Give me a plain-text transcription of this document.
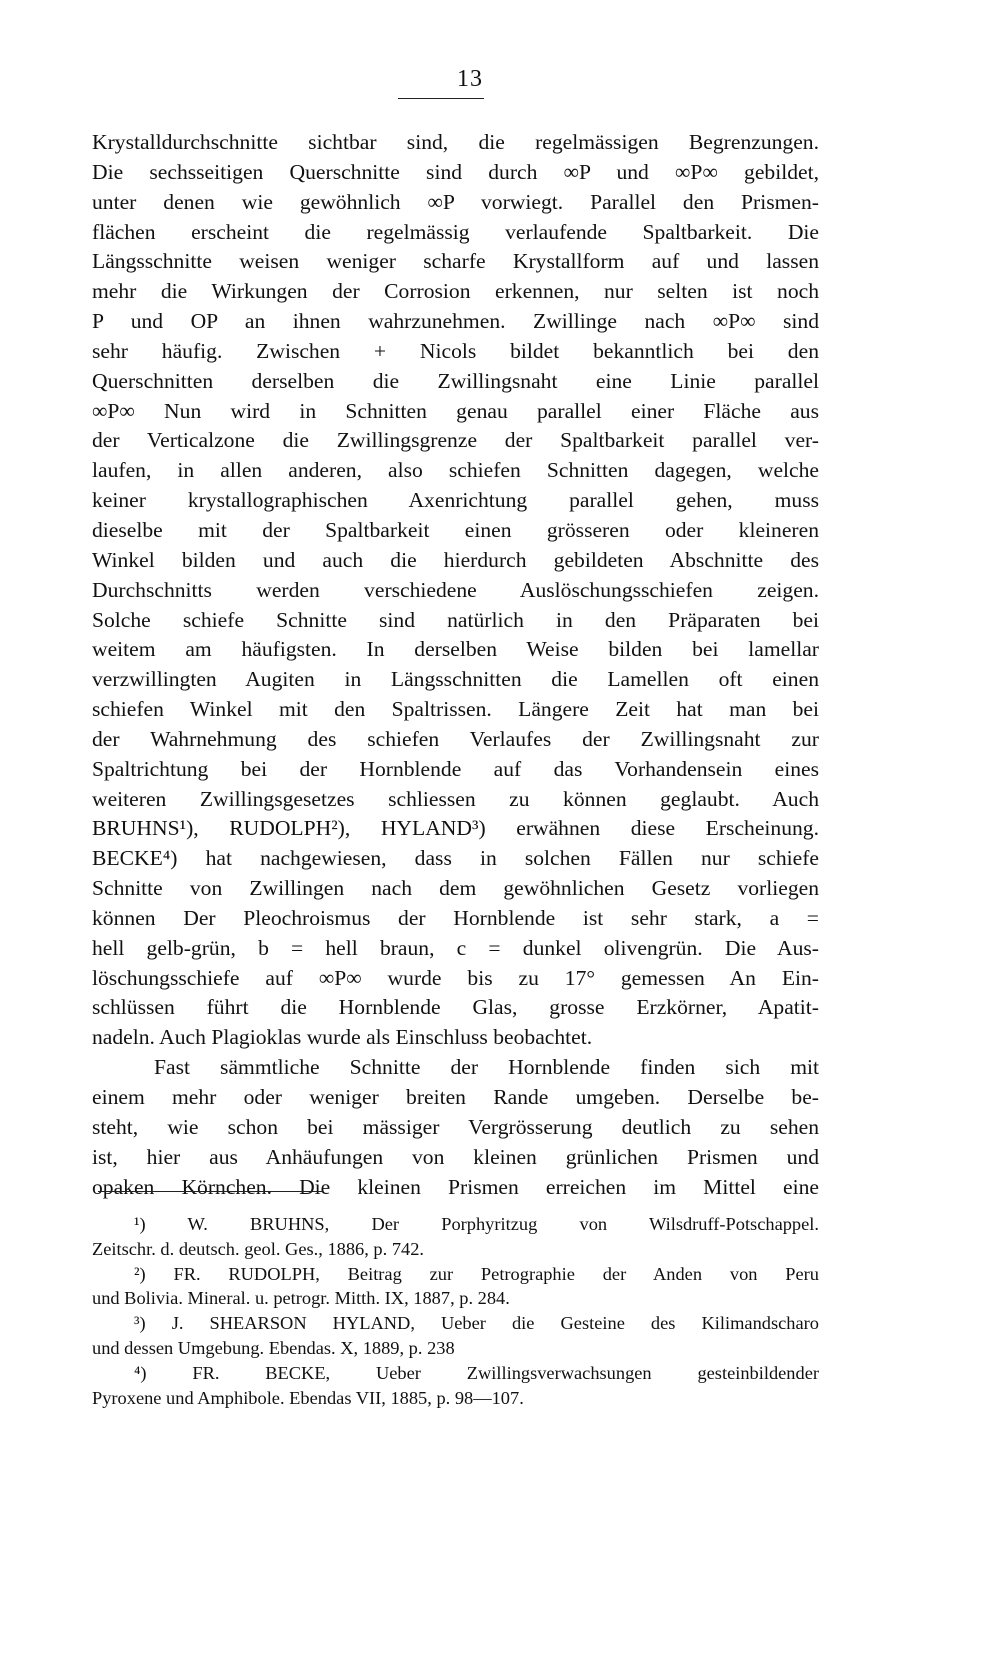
13
Krystalldurchschnitte sichtbar sind, die regelmässigen Begrenzungen.
Die sechsseitigen Querschnitte sind durch ∞P und ∞P∞ gebildet,
unter denen wie gewöhnlich ∞P vorwiegt. Parallel den Prismen-
flächen erscheint die regelmässig verlaufende Spaltbarkeit. Die
Längsschnitte weisen weniger scharfe Krystallform auf und lassen
mehr die Wirkungen der Corrosion erkennen, nur selten ist noch
P und OP an ihnen wahrzunehmen. Zwillinge nach ∞P∞ sind
sehr häufig. Zwischen + Nicols bildet bekanntlich bei den
Querschnitten derselben die Zwillingsnaht eine Linie parallel
∞P∞ Nun wird in Schnitten genau parallel einer Fläche aus
der Verticalzone die Zwillingsgrenze der Spaltbarkeit parallel ver-
laufen, in allen anderen, also schiefen Schnitten dagegen, welche
keiner krystallographischen Axenrichtung parallel gehen, muss
dieselbe mit der Spaltbarkeit einen grösseren oder kleineren
Winkel bilden und auch die hierdurch gebildeten Abschnitte des
Durchschnitts werden verschiedene Auslöschungsschiefen zeigen.
Solche schiefe Schnitte sind natürlich in den Präparaten bei
weitem am häufigsten. In derselben Weise bilden bei lamellar
verzwillingten Augiten in Längsschnitten die Lamellen oft einen
schiefen Winkel mit den Spaltrissen. Längere Zeit hat man bei
der Wahrnehmung des schiefen Verlaufes der Zwillingsnaht zur
Spaltrichtung bei der Hornblende auf das Vorhandensein eines
weiteren Zwillingsgesetzes schliessen zu können geglaubt. Auch
BRUHNS¹), RUDOLPH²), HYLAND³) erwähnen diese Erscheinung.
BECKE⁴) hat nachgewiesen, dass in solchen Fällen nur schiefe
Schnitte von Zwillingen nach dem gewöhnlichen Gesetz vorliegen
können Der Pleochroismus der Hornblende ist sehr stark, a =
hell gelb-grün, b = hell braun, c = dunkel olivengrün. Die Aus-
löschungsschiefe auf ∞P∞ wurde bis zu 17° gemessen An Ein-
schlüssen führt die Hornblende Glas, grosse Erzkörner, Apatit-
nadeln. Auch Plagioklas wurde als Einschluss beobachtet.
Fast sämmtliche Schnitte der Hornblende finden sich mit
einem mehr oder weniger breiten Rande umgeben. Derselbe be-
steht, wie schon bei mässiger Vergrösserung deutlich zu sehen
ist, hier aus Anhäufungen von kleinen grünlichen Prismen und
opaken Körnchen. Die kleinen Prismen erreichen im Mittel eine
¹) W. BRUHNS, Der Porphyritzug von Wilsdruff-Potschappel.
Zeitschr. d. deutsch. geol. Ges., 1886, p. 742.
²) FR. RUDOLPH, Beitrag zur Petrographie der Anden von Peru
und Bolivia. Mineral. u. petrogr. Mitth. IX, 1887, p. 284.
³) J. SHEARSON HYLAND, Ueber die Gesteine des Kilimandscharo
und dessen Umgebung. Ebendas. X, 1889, p. 238
⁴) FR. BECKE, Ueber Zwillingsverwachsungen gesteinbildender
Pyroxene und Amphibole. Ebendas VII, 1885, p. 98—107.
